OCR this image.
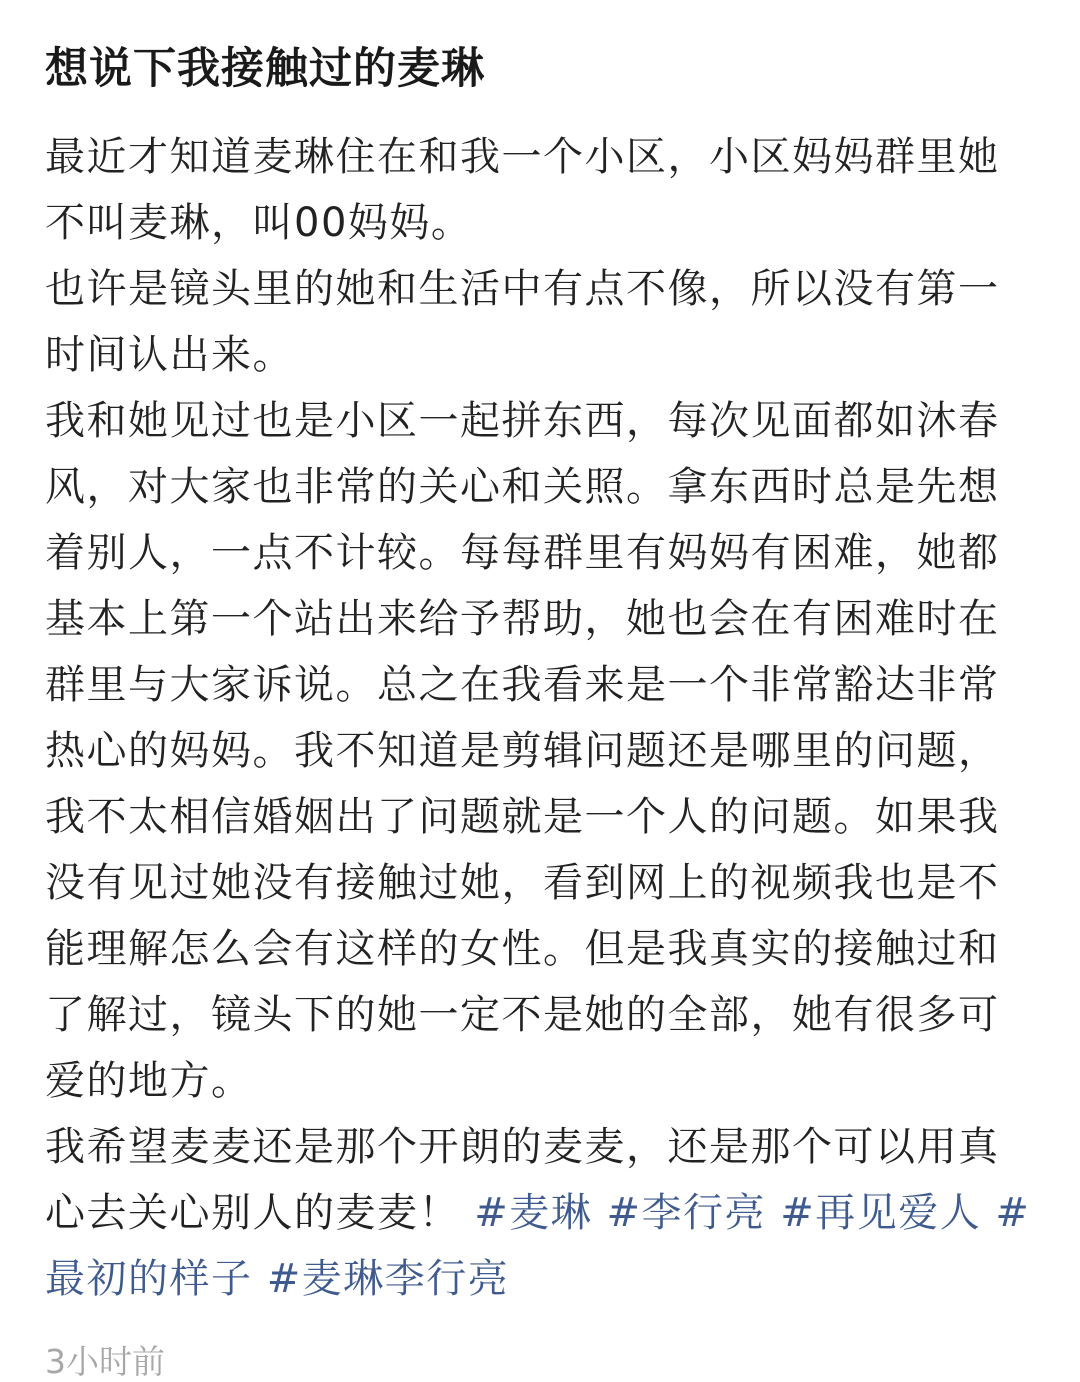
想说下我接触过的麦琳

最近才知道麦琳住在和我一个小区，小区妈妈群里她不叫麦琳，叫00妈妈。

也许是镜头里的她和生活中有点不像，所以没有第一时间认出来。

我和她见过也是小区一起拼东西，每次见面都如沐春风，对大家也非常的关心和关照。拿东西时总是先想着别人，一点不计较。每每群里有妈妈有困难，她都基本上第一个站出来给予帮助，她也会在有困难时在群里与大家诉说。总之在我看来是一个非常豁达非常热心的妈妈。我不知道是剪辑问题还是哪里的问题，我不太相信婚姻出了问题就是一个人的问题。如果我没有见过她没有接触过她，看到网上的视频我也是不能理解怎么会有这样的女性。但是我真实的接触过和了解过，镜头下的她一定不是她的全部，她有很多可爱的地方。

我希望麦麦还是那个开朗的麦麦，还是那个可以用真心去关心别人的麦麦！ #麦琳 #李行亮 #再见爱人 #最初的样子 #麦琳李行亮

3小时前
